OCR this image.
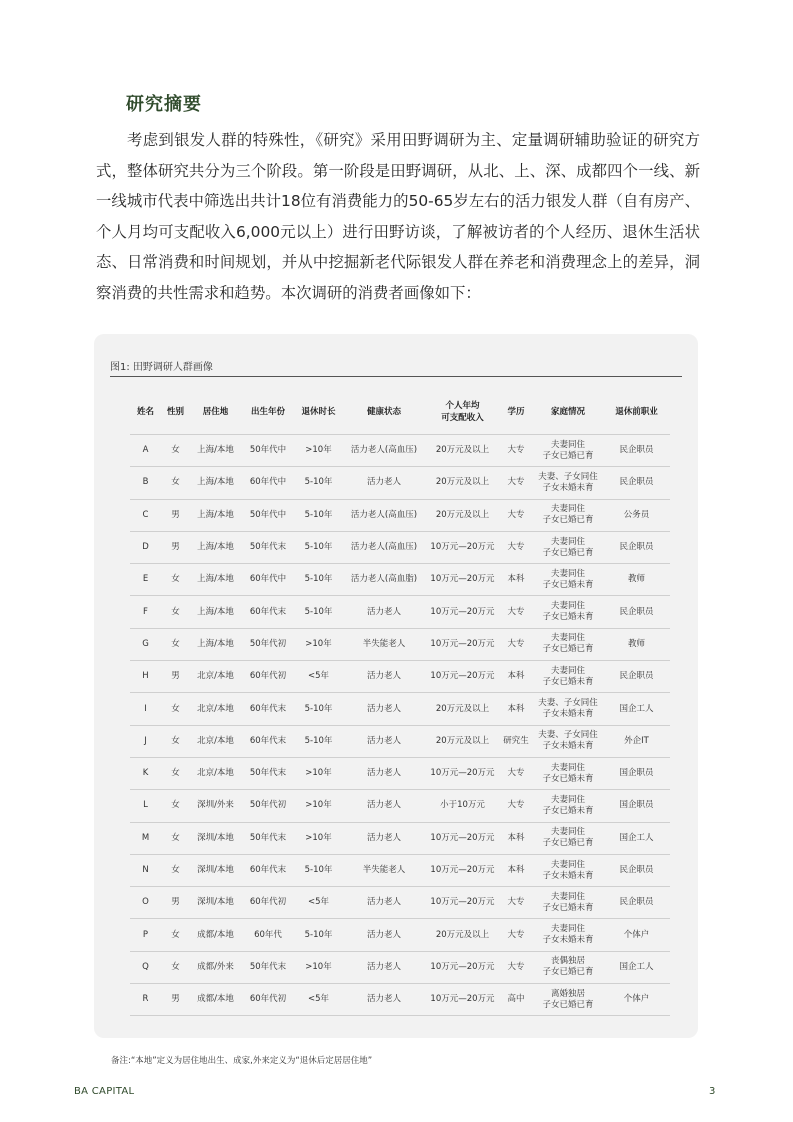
研究摘要

考虑到银发人群的特殊性，《研究》采用田野调研为主、定量调研辅助验证的研究方式，整体研究共分为三个阶段。第一阶段是田野调研，从北、上、深、成都四个一线、新一线城市代表中筛选出共计18位有消费能力的50-65岁左右的活力银发人群（自有房产、个人月均可支配收入6,000元以上）进行田野访谈，了解被访者的个人经历、退休生活状态、日常消费和时间规划，并从中挖掘新老代际银发人群在养老和消费理念上的差异，洞察消费的共性需求和趋势。本次调研的消费者画像如下：

图1: 田野调研人群画像
姓名	性别	居住地	出生年份	退休时长	健康状态	个人年均
可支配收入	学历	家庭情况	退休前职业
A	女	上海/本地	50年代中	>10年	活力老人(高血压)	20万元及以上	大专	夫妻同住
子女已婚已育	民企职员
B	女	上海/本地	60年代中	5-10年	活力老人	20万元及以上	大专	夫妻、子女同住
子女未婚未育	民企职员
C	男	上海/本地	50年代中	5-10年	活力老人(高血压)	20万元及以上	大专	夫妻同住
子女已婚已育	公务员
D	男	上海/本地	50年代末	5-10年	活力老人(高血压)	10万元—20万元	大专	夫妻同住
子女已婚已育	民企职员
E	女	上海/本地	60年代中	5-10年	活力老人(高血脂)	10万元—20万元	本科	夫妻同住
子女已婚未育	教师
F	女	上海/本地	60年代末	5-10年	活力老人	10万元—20万元	大专	夫妻同住
子女已婚未育	民企职员
G	女	上海/本地	50年代初	>10年	半失能老人	10万元—20万元	大专	夫妻同住
子女已婚已育	教师
H	男	北京/本地	60年代初	<5年	活力老人	10万元—20万元	本科	夫妻同住
子女已婚未育	民企职员
I	女	北京/本地	60年代末	5-10年	活力老人	20万元及以上	本科	夫妻、子女同住
子女未婚未育	国企工人
J	女	北京/本地	60年代末	5-10年	活力老人	20万元及以上	研究生	夫妻、子女同住
子女未婚未育	外企IT
K	女	北京/本地	50年代末	>10年	活力老人	10万元—20万元	大专	夫妻同住
子女已婚未育	国企职员
L	女	深圳/外来	50年代初	>10年	活力老人	小于10万元	大专	夫妻同住
子女已婚未育	国企职员
M	女	深圳/本地	50年代末	>10年	活力老人	10万元—20万元	本科	夫妻同住
子女已婚已育	国企工人
N	女	深圳/本地	60年代末	5-10年	半失能老人	10万元—20万元	本科	夫妻同住
子女未婚未育	民企职员
O	男	深圳/本地	60年代初	<5年	活力老人	10万元—20万元	大专	夫妻同住
子女已婚未育	民企职员
P	女	成都/本地	60年代	5-10年	活力老人	20万元及以上	大专	夫妻同住
子女未婚未育	个体户
Q	女	成都/外来	50年代末	>10年	活力老人	10万元—20万元	大专	丧偶独居
子女已婚已育	国企工人
R	男	成都/本地	60年代初	<5年	活力老人	10万元—20万元	高中	离婚独居
子女已婚已育	个体户
备注:“本地”定义为居住地出生、成家,外来定义为“退休后定居居住地”
BA CAPITAL	3
